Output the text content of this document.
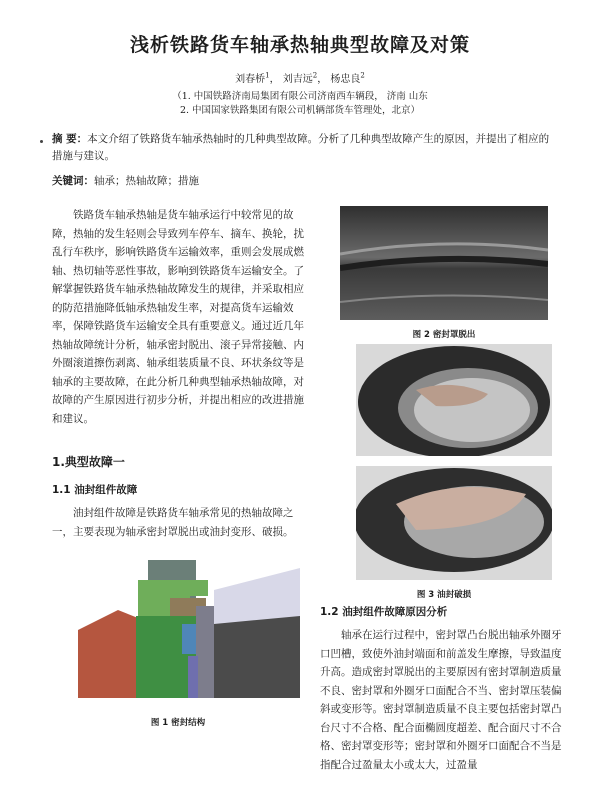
浅析铁路货车轴承热轴典型故障及对策
刘春桥$^1$， 刘吉远$^2$， 杨忠良$^2$
（1. 中国铁路济南局集团有限公司济南西车辆段， 济南 山东
2. 中国国家铁路集团有限公司机辆部货车管理处，北京）
摘 要：本文介绍了铁路货车轴承热轴时的几种典型故障。分析了几种典型故障产生的原因，并提出了相应的措施与建议。
关键词：轴承；热轴故障；措施

铁路货车轴承热轴是货车轴承运行中较常见的故障，热轴的发生轻则会导致列车停车、摘车、换轮，扰乱行车秩序，影响铁路货车运输效率，重则会发展成燃轴、热切轴等恶性事故，影响到铁路货车运输安全。了解掌握铁路货车轴承热轴故障发生的规律，并采取相应的防范措施降低轴承热轴发生率，对提高货车运输效率，保障铁路货车运输安全具有重要意义。通过近几年热轴故障统计分析，轴承密封脱出、滚子异常接触、内外圈滚道擦伤剥离、轴承组装质量不良、环状条纹等是轴承的主要故障，在此分析几种典型轴承热轴故障，对故障的产生原因进行初步分析，并提出相应的改进措施和建议。

1.典型故障一
1.1 油封组件故障

油封组件故障是铁路货车轴承常见的热轴故障之一，主要表现为轴承密封罩脱出或油封变形、破损。

图 1 密封结构
图 2 密封罩脱出
图 3 油封破损
1.2 油封组件故障原因分析

轴承在运行过程中，密封罩凸台脱出轴承外圈牙口凹槽，致使外油封端面和前盖发生摩擦，导致温度升高。造成密封罩脱出的主要原因有密封罩制造质量不良、密封罩和外圈牙口面配合不当、密封罩压装偏斜或变形等。密封罩制造质量不良主要包括密封罩凸台尺寸不合格、配合面椭圆度超差、配合面尺寸不合格、密封罩变形等；密封罩和外圈牙口面配合不当是指配合过盈量太小或太大，过盈量
